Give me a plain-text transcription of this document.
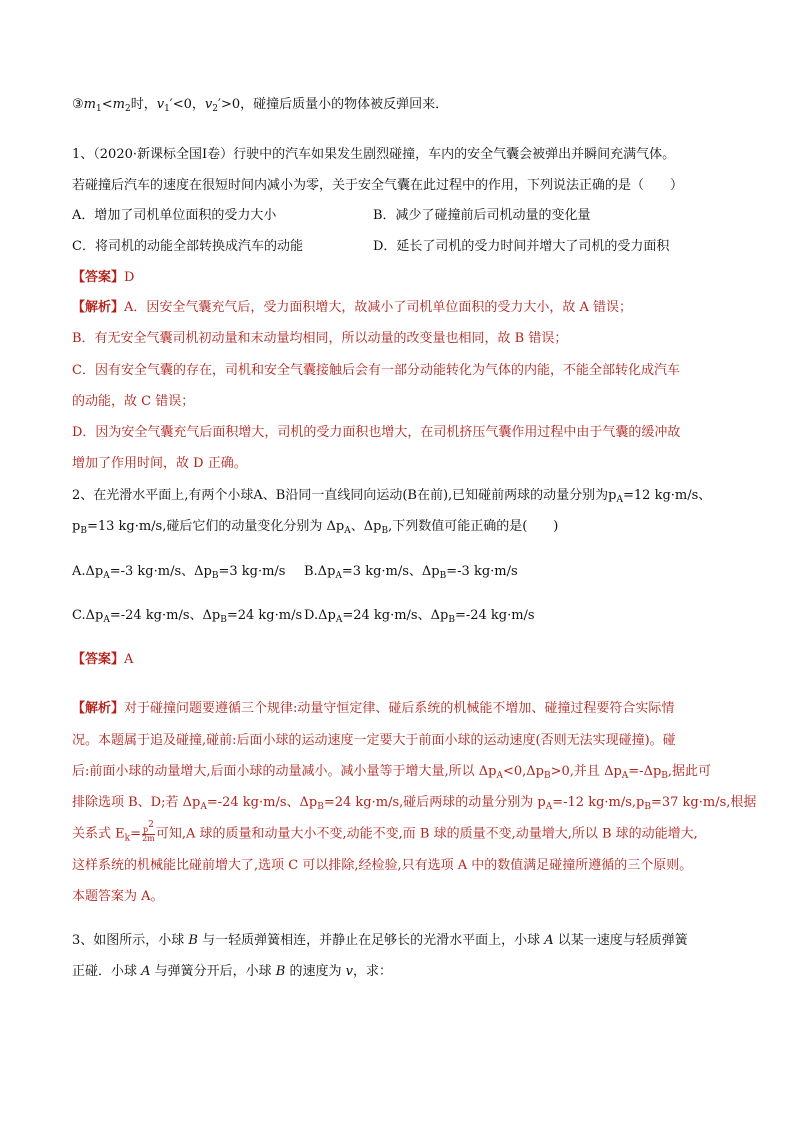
$③m_1<m_2$时，$v_1'<0$，$v_2'>0$，碰撞后质量小的物体被反弹回来．
1、（2020·新课标全国Ⅰ卷）行驶中的汽车如果发生剧烈碰撞，车内的安全气囊会被弹出并瞬间充满气体。
若碰撞后汽车的速度在很短时间内减小为零，关于安全气囊在此过程中的作用，下列说法正确的是（　　）
A．增加了司机单位面积的受力大小	B．减少了碰撞前后司机动量的变化量
C．将司机的动能全部转换成汽车的动能	D．延长了司机的受力时间并增大了司机的受力面积
【答案】D
【解析】A．因安全气囊充气后，受力面积增大，故减小了司机单位面积的受力大小，故 A 错误；
B．有无安全气囊司机初动量和末动量均相同，所以动量的改变量也相同，故 B 错误；
C．因有安全气囊的存在，司机和安全气囊接触后会有一部分动能转化为气体的内能，不能全部转化成汽车
的动能，故 C 错误；
D．因为安全气囊充气后面积增大，司机的受力面积也增大，在司机挤压气囊作用过程中由于气囊的缓冲故
增加了作用时间，故 D 正确。
2、在光滑水平面上,有两个小球A、B沿同一直线同向运动(B在前),已知碰前两球的动量分别为$p_A=12$ kg·m/s、
$p_B=13$ kg·m/s,碰后它们的动量变化分别为 $\Delta p_A$、$\Delta p_B$,下列数值可能正确的是(　　)
$A.\Delta p_A=-3$ kg·m/s、$\Delta p_B=3$ kg·m/s $B.\Delta p_A=3$ kg·m/s、$\Delta p_B=-3$ kg·m/s
$C.\Delta p_A=-24$ kg·m/s、$\Delta p_B=24$ kg·m/s $D.\Delta p_A=24$ kg·m/s、$\Delta p_B=-24$ kg·m/s
【答案】A
【解析】对于碰撞问题要遵循三个规律:动量守恒定律、碰后系统的机械能不增加、碰撞过程要符合实际情
况。本题属于追及碰撞,碰前:后面小球的运动速度一定要大于前面小球的运动速度(否则无法实现碰撞)。碰
后:前面小球的动量增大,后面小球的动量减小。减小量等于增大量,所以 $\Delta p_A<0,\Delta p_B>0$,并且 $\Delta p_A=-\Delta p_B$,据此可
排除选项 B、D;若 $\Delta p_A=-24$ kg·m/s、$\Delta p_B=24$ kg·m/s,碰后两球的动量分别为 $p_A=-12$ $kg\cdot m/s,p_B=37$ kg·m/s,根据
关系式 $E_k= \frac{p^2}{2m}$ 可知,A 球的质量和动量大小不变,动能不变,而 B 球的质量不变,动量增大,所以 B 球的动能增大,
这样系统的机械能比碰前增大了,选项 C 可以排除,经检验,只有选项 A 中的数值满足碰撞所遵循的三个原则。
本题答案为 A。
3、如图所示，小球 B 与一轻质弹簧相连，并静止在足够长的光滑水平面上，小球 A 以某一速度与轻质弹簧
正碰．小球 A 与弹簧分开后，小球 B 的速度为 v，求：
